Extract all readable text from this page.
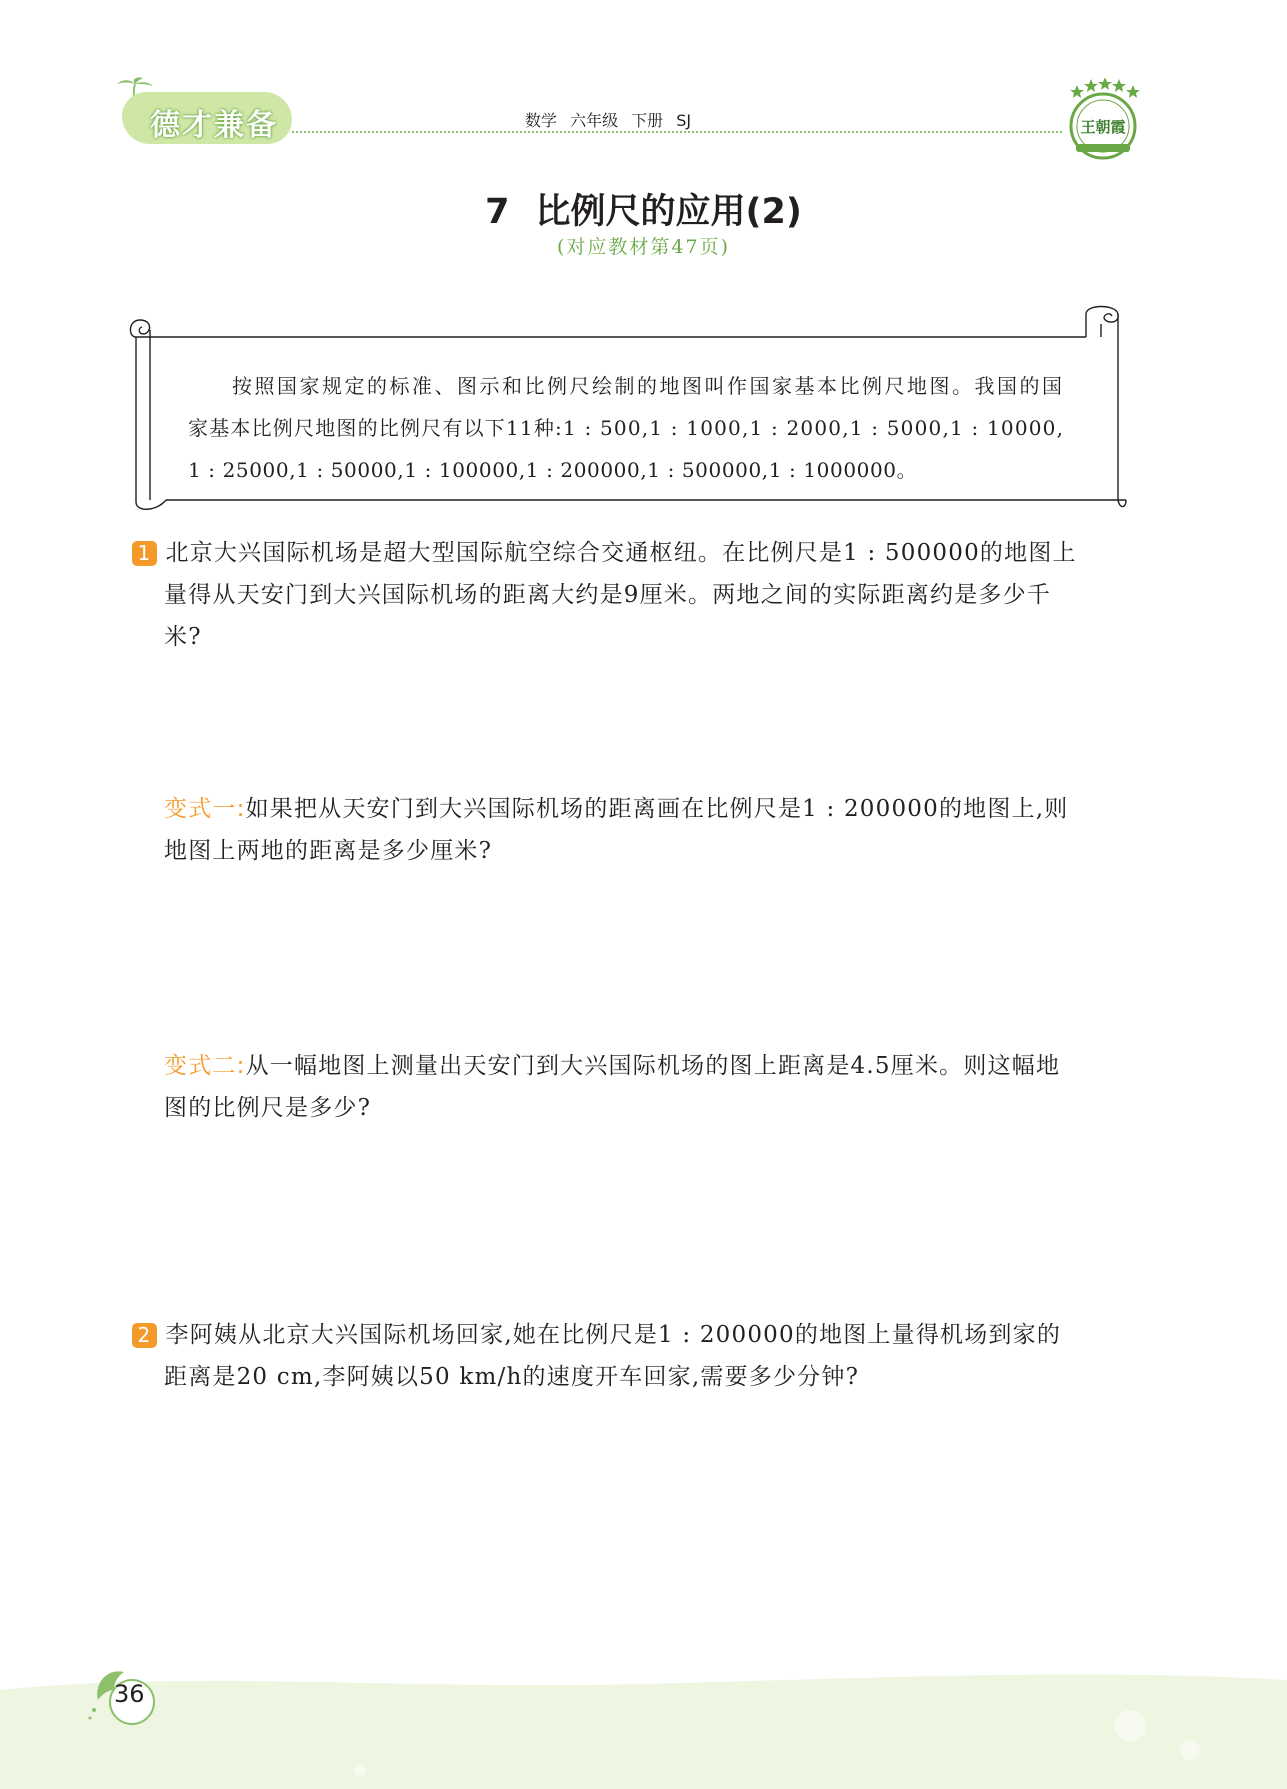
德才兼备	数学 六年级 下册 SJ	王朝霞
7 比例尺的应用(2)
(对应教材第47页)

按照国家规定的标准、图示和比例尺绘制的地图叫作国家基本比例尺地图。我国的国

家基本比例尺地图的比例尺有以下11种:1 : 500,1 : 1000,1 : 2000,1 : 5000,1 : 10000,
1 : 25000,1 : 50000,1 : 100000,1 : 200000,1 : 500000,1 : 1000000。
1 北京大兴国际机场是超大型国际航空综合交通枢纽。在比例尺是1 : 500000的地图上
量得从天安门到大兴国际机场的距离大约是9厘米。两地之间的实际距离约是多少千
米?
变式一:如果把从天安门到大兴国际机场的距离画在比例尺是1 : 200000的地图上,则
地图上两地的距离是多少厘米?
变式二:从一幅地图上测量出天安门到大兴国际机场的图上距离是4.5厘米。则这幅地
图的比例尺是多少?
2 李阿姨从北京大兴国际机场回家,她在比例尺是1 : 200000的地图上量得机场到家的
距离是20 cm,李阿姨以50 km/h的速度开车回家,需要多少分钟?
36
